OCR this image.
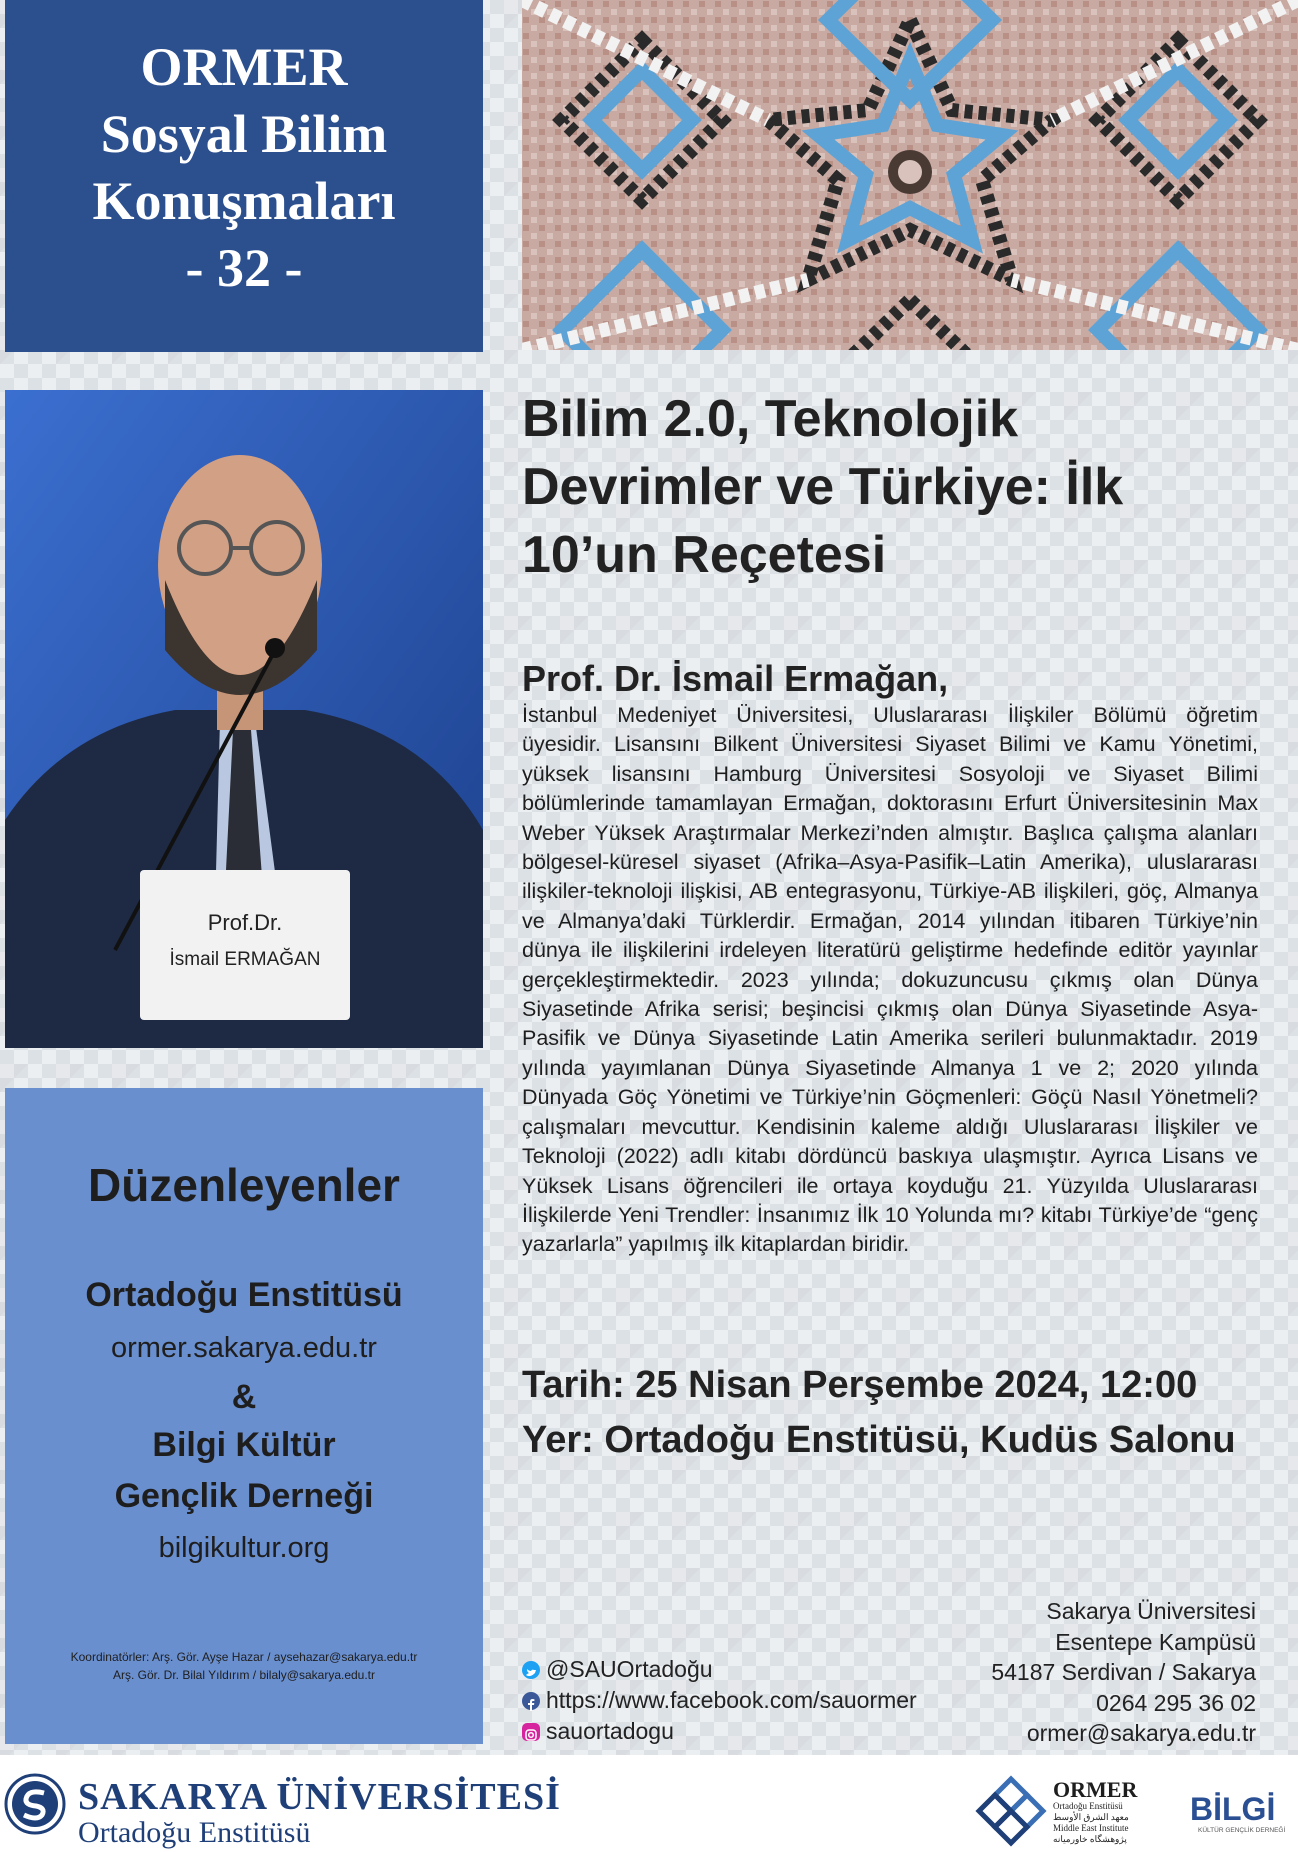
ORMER
Sosyal Bilim
Konuşmaları
- 32 -
Prof.Dr.
İsmail ERMAĞAN
Bilim 2.0, Teknolojik
Devrimler ve Türkiye: İlk
10’un Reçetesi
Prof. Dr. İsmail Ermağan,
İstanbul Medeniyet Üniversitesi, Uluslararası İlişkiler Bölümü öğretim üyesidir. Lisansını Bilkent Üniversitesi Siyaset Bilimi ve Kamu Yönetimi, yüksek lisansını Hamburg Üniversitesi Sosyoloji ve Siyaset Bilimi bölümlerinde tamamlayan Ermağan, doktorasını Erfurt Üniversitesinin Max Weber Yüksek Araştırmalar Merkezi’nden almıştır. Başlıca çalışma alanları bölgesel-küresel siyaset (Afrika–Asya-Pasifik–Latin Amerika), uluslararası ilişkiler-teknoloji ilişkisi, AB entegrasyonu, Türkiye-AB ilişkileri, göç, Almanya ve Almanya’daki Türklerdir. Ermağan, 2014 yılından itibaren Türkiye’nin dünya ile ilişkilerini irdeleyen literatürü geliştirme hedefinde editör yayınlar gerçekleştirmektedir. 2023 yılında; dokuzuncusu çıkmış olan Dünya Siyasetinde Afrika serisi; beşincisi çıkmış olan Dünya Siyasetinde Asya-Pasifik ve Dünya Siyasetinde Latin Amerika serileri bulunmaktadır. 2019 yılında yayımlanan Dünya Siyasetinde Almanya 1 ve 2; 2020 yılında Dünyada Göç Yönetimi ve Türkiye’nin Göçmenleri: Göçü Nasıl Yönetmeli? çalışmaları mevcuttur. Kendisinin kaleme aldığı Uluslararası İlişkiler ve Teknoloji (2022) adlı kitabı dördüncü baskıya ulaşmıştır. Ayrıca Lisans ve Yüksek Lisans öğrencileri ile ortaya koyduğu 21. Yüzyılda Uluslararası İlişkilerde Yeni Trendler: İnsanımız İlk 10 Yolunda mı? kitabı Türkiye’de “genç yazarlarla” yapılmış ilk kitaplardan biridir.
Tarih: 25 Nisan Perşembe 2024, 12:00
Yer: Ortadoğu Enstitüsü, Kudüs Salonu
Düzenleyenler
Ortadoğu Enstitüsü
ormer.sakarya.edu.tr
&
Bilgi Kültür
Gençlik Derneği
bilgikultur.org
Koordinatörler: Arş. Gör. Ayşe Hazar / aysehazar@sakarya.edu.tr
Arş. Gör. Dr. Bilal Yıldırım / bilaly@sakarya.edu.tr	@SAUOrtadoğu
https://www.facebook.com/sauormer
sauortadogu
Sakarya Üniversitesi
Esentepe Kampüsü
54187 Serdivan / Sakarya
0264 295 36 02
ormer@sakarya.edu.tr
SAKARYA ÜNİVERSİTESİ
Ortadoğu Enstitüsü
ORMER
Ortadoğu Enstitüsü
معهد الشرق الأوسط
Middle East Institute
پژوهشگاه خاورمیانه
BİLGİ
KÜLTÜR GENÇLİK DERNEĞİ
